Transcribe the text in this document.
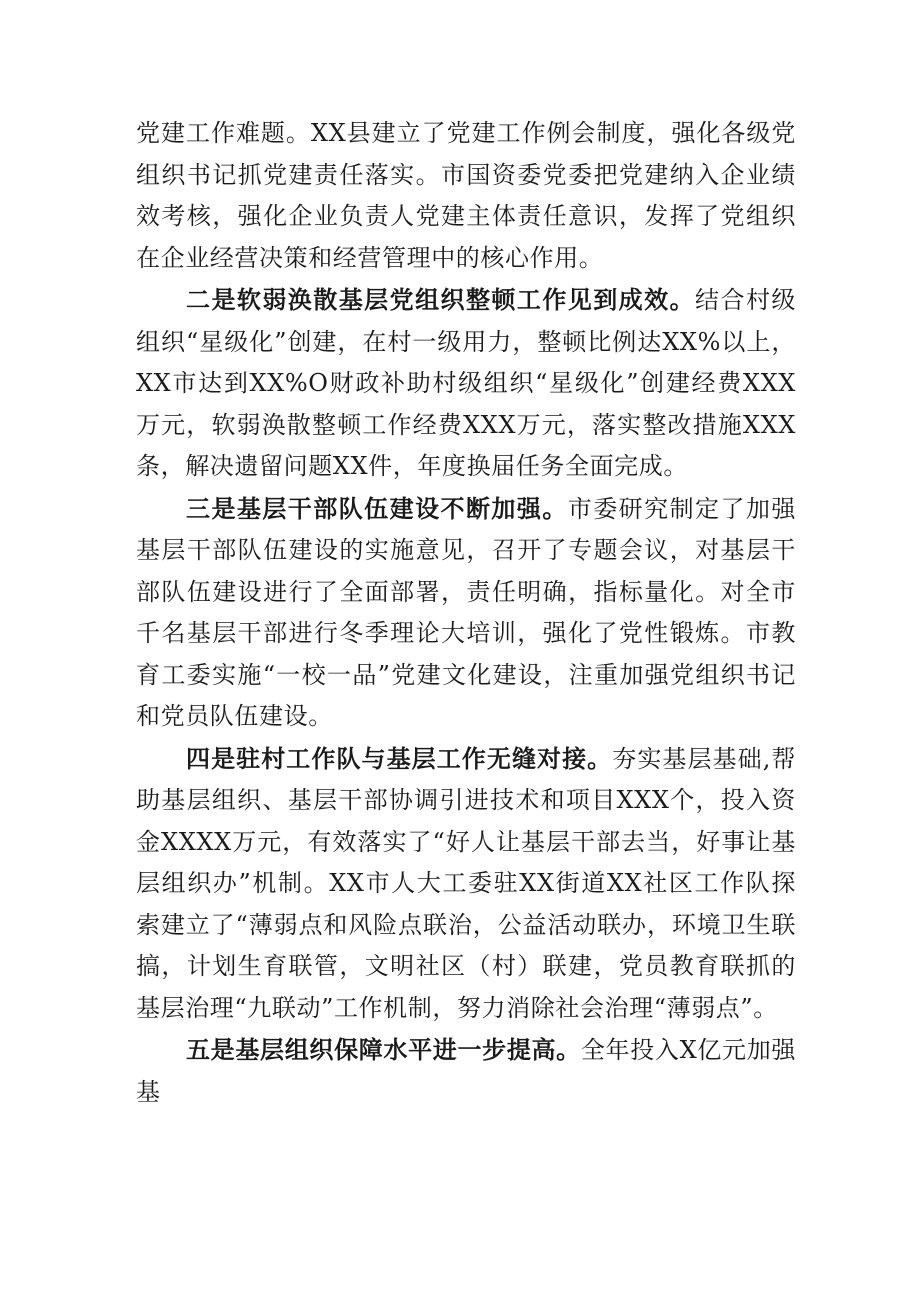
党建工作难题。XX县建立了党建工作例会制度，强化各级党组织书记抓党建责任落实。市国资委党委把党建纳入企业绩效考核，强化企业负责人党建主体责任意识，发挥了党组织在企业经营决策和经营管理中的核心作用。

二是软弱涣散基层党组织整顿工作见到成效。结合村级组织“星级化”创建，在村一级用力，整顿比例达XX%以上，XX市达到XX%O财政补助村级组织“星级化”创建经费XXX万元，软弱涣散整顿工作经费XXX万元，落实整改措施XXX条，解决遗留问题XX件，年度换届任务全面完成。

三是基层干部队伍建设不断加强。市委研究制定了加强基层干部队伍建设的实施意见，召开了专题会议，对基层干部队伍建设进行了全面部署，责任明确，指标量化。对全市千名基层干部进行冬季理论大培训，强化了党性锻炼。市教育工委实施“一校一品”党建文化建设，注重加强党组织书记和党员队伍建设。

四是驻村工作队与基层工作无缝对接。夯实基层基础,帮助基层组织、基层干部协调引进技术和项目XXX个，投入资金XXXX万元，有效落实了“好人让基层干部去当，好事让基层组织办”机制。XX市人大工委驻XX街道XX社区工作队探索建立了“薄弱点和风险点联治，公益活动联办，环境卫生联搞，计划生育联管，文明社区（村）联建，党员教育联抓的基层治理“九联动”工作机制，努力消除社会治理“薄弱点”。

五是基层组织保障水平进一步提高。全年投入X亿元加强基
